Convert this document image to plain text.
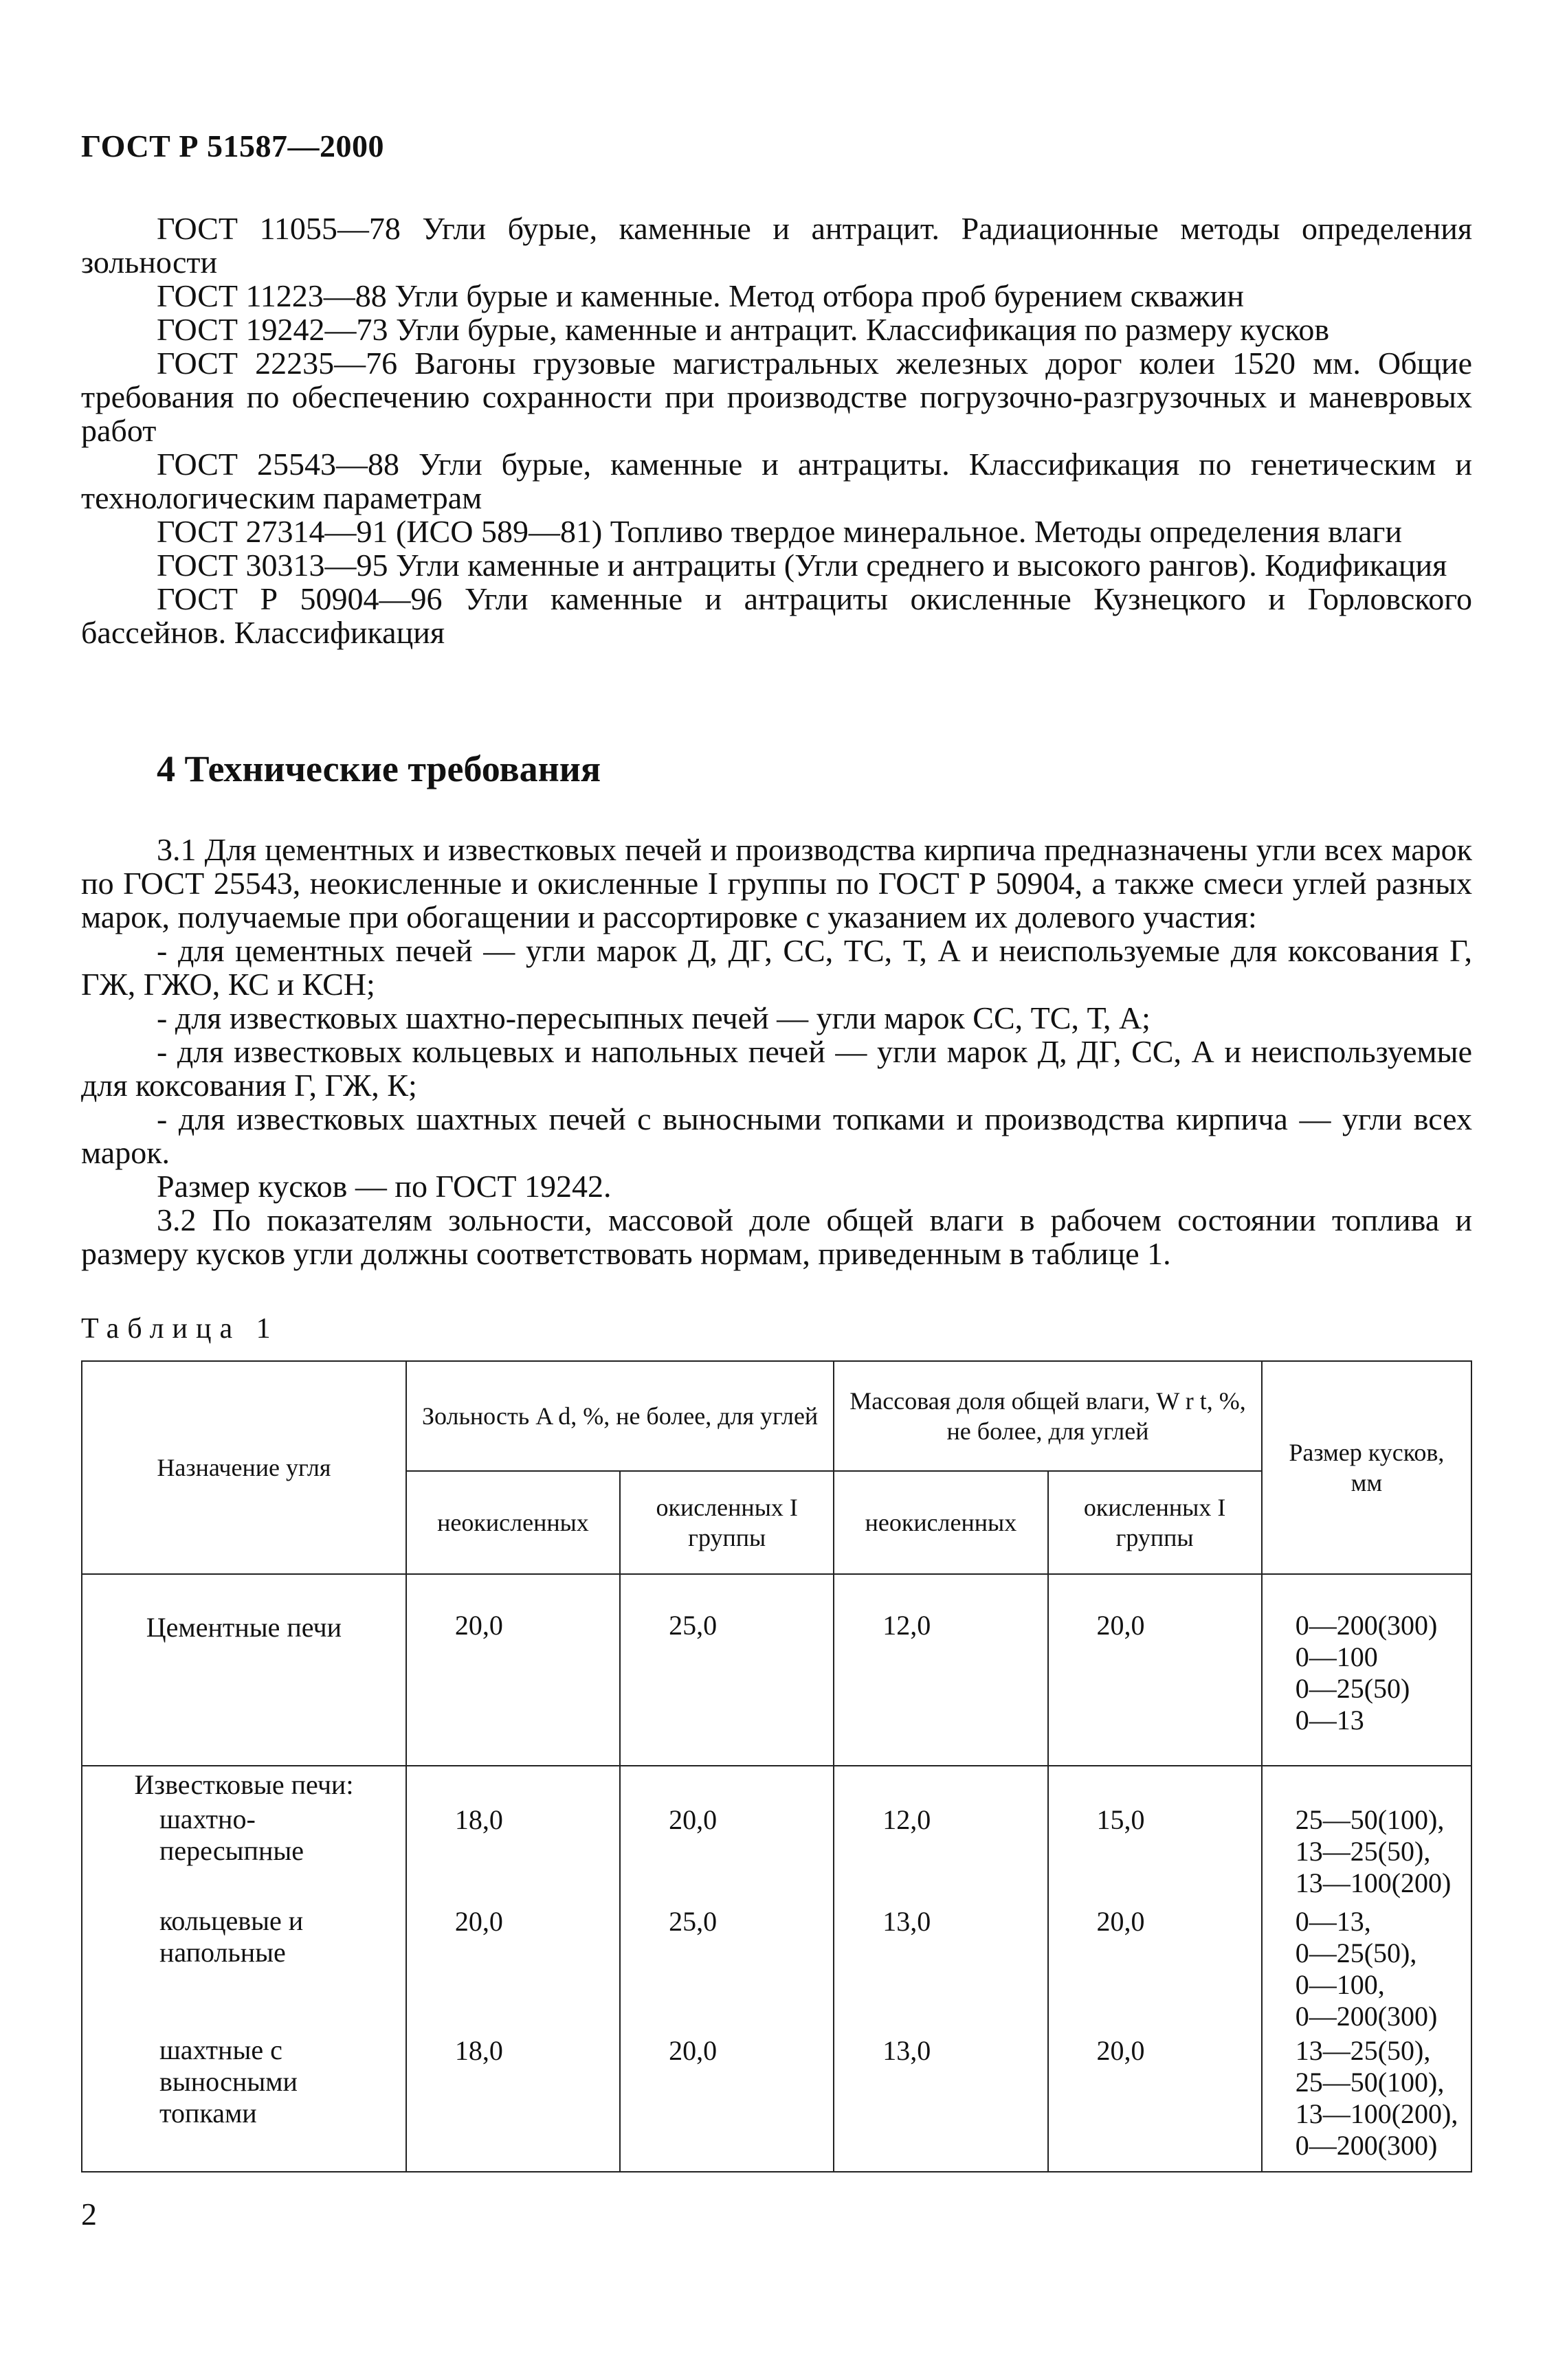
ГОСТ Р 51587—2000

ГОСТ 11055—78 Угли бурые, каменные и антрацит. Радиационные методы определения зольности

ГОСТ 11223—88 Угли бурые и каменные. Метод отбора проб бурением скважин

ГОСТ 19242—73 Угли бурые, каменные и антрацит. Классификация по размеру кусков

ГОСТ 22235—76 Вагоны грузовые магистральных железных дорог колеи 1520 мм. Общие требования по обеспечению сохранности при производстве погрузочно-разгрузочных и маневровых работ

ГОСТ 25543—88 Угли бурые, каменные и антрациты. Классификация по генетическим и технологическим параметрам

ГОСТ 27314—91 (ИСО 589—81) Топливо твердое минеральное. Методы определения влаги

ГОСТ 30313—95 Угли каменные и антрациты (Угли среднего и высокого рангов). Кодификация

ГОСТ Р 50904—96 Угли каменные и антрациты окисленные Кузнецкого и Горловского бассейнов. Классификация

4 Технические требования

3.1 Для цементных и известковых печей и производства кирпича предназначены угли всех марок по ГОСТ 25543, неокисленные и окисленные I группы по ГОСТ Р 50904, а также смеси углей разных марок, получаемые при обогащении и рассортировке с указанием их долевого участия:

- для цементных печей — угли марок Д, ДГ, СС, ТС, Т, А и неиспользуемые для коксования Г, ГЖ, ГЖО, КС и КСН;

- для известковых шахтно-пересыпных печей — угли марок СС, ТС, Т, А;

- для известковых кольцевых и напольных печей — угли марок Д, ДГ, СС, А и неиспользуемые для коксования Г, ГЖ, К;

- для известковых шахтных печей с выносными топками и производства кирпича — угли всех марок.

Размер кусков — по ГОСТ 19242.

3.2 По показателям зольности, массовой доле общей влаги в рабочем состоянии топлива и размеру кусков угли должны соответствовать нормам, приведенным в таблице 1.

Таблица 1
Назначение угля	Зольность A d, %, не более, для углей		Массовая доля общей влаги, W r t, %, не более, для углей		Размер кусков, мм
	неокисленных	окисленных I группы	неокисленных	окисленных I группы	

Цементные печи	20,0	25,0	12,0	20,0	0—200(300)
0—100
0—25(50)
0—13

Известковые печи:					
шахтно-пересыпные	18,0	20,0	12,0	15,0	25—50(100),
13—25(50),
13—100(200)

кольцевые и напольные	20,0	25,0	13,0	20,0	0—13,
0—25(50),
0—100,
0—200(300)

шахтные с выносными топками	18,0	20,0	13,0	20,0	13—25(50),
25—50(100),
13—100(200),
0—200(300)
2
